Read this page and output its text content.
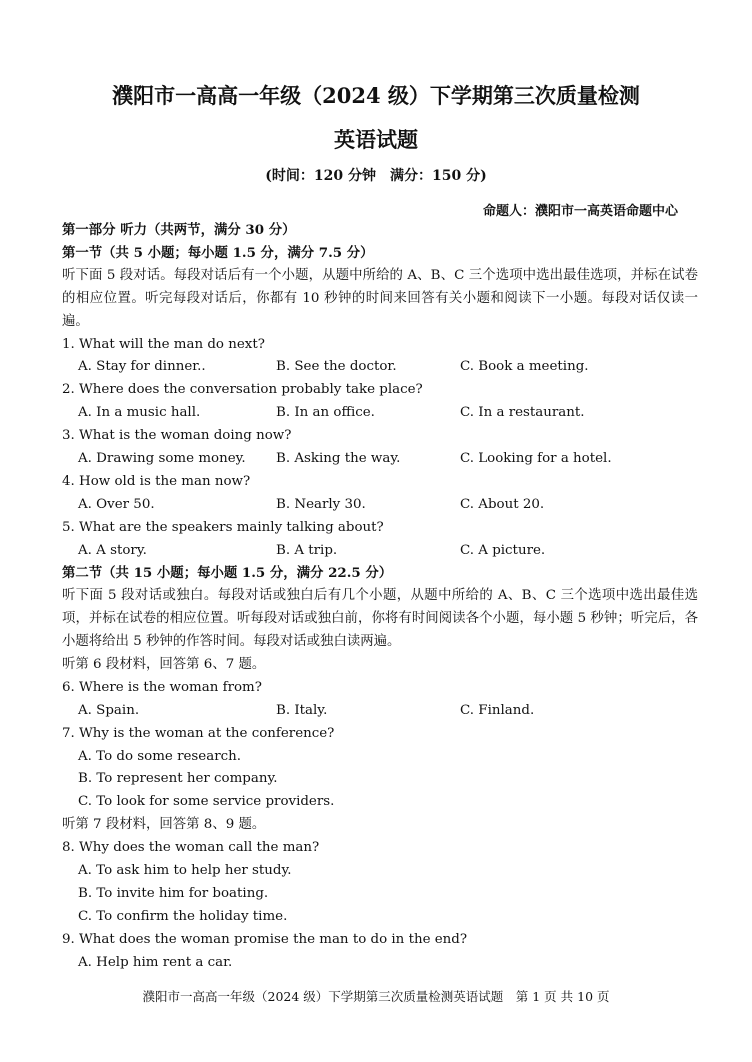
濮阳市一高高一年级（2024 级）下学期第三次质量检测
英语试题
(时间：120 分钟　满分：150 分)
命题人：濮阳市一高英语命题中心
第一部分 听力（共两节，满分 30 分）
第一节（共 5 小题；每小题 1.5 分，满分 7.5 分）
听下面 5 段对话。每段对话后有一个小题，从题中所给的 A、B、C 三个选项中选出最佳选项，并标在试卷的相应位置。听完每段对话后，你都有 10 秒钟的时间来回答有关小题和阅读下一小题。每段对话仅读一遍。
1. What will the man do next?
A. Stay for dinner..	B. See the doctor.	C. Book a meeting.
2. Where does the conversation probably take place?
A. In a music hall.	B. In an office.	C. In a restaurant.
3. What is the woman doing now?
A. Drawing some money. B. Asking the way.	C. Looking for a hotel.
4. How old is the man now?
A. Over 50.	B. Nearly 30.	C. About 20.
5. What are the speakers mainly talking about?
A. A story.	B. A trip.	C. A picture.
第二节（共 15 小题；每小题 1.5 分，满分 22.5 分）
听下面 5 段对话或独白。每段对话或独白后有几个小题，从题中所给的 A、B、C 三个选项中选出最佳选项，并标在试卷的相应位置。听每段对话或独白前，你将有时间阅读各个小题，每小题 5 秒钟；听完后，各小题将给出 5 秒钟的作答时间。每段对话或独白读两遍。
听第 6 段材料，回答第 6、7 题。
6. Where is the woman from?
A. Spain.	B. Italy.	C. Finland.
7. Why is the woman at the conference?
A. To do some research.
B. To represent her company.
C. To look for some service providers.
听第 7 段材料，回答第 8、9 题。
8. Why does the woman call the man?
A. To ask him to help her study.
B. To invite him for boating.
C. To confirm the holiday time.
9. What does the woman promise the man to do in the end?
A. Help him rent a car.
濮阳市一高高一年级（2024 级）下学期第三次质量检测英语试题　第 1 页 共 10 页
